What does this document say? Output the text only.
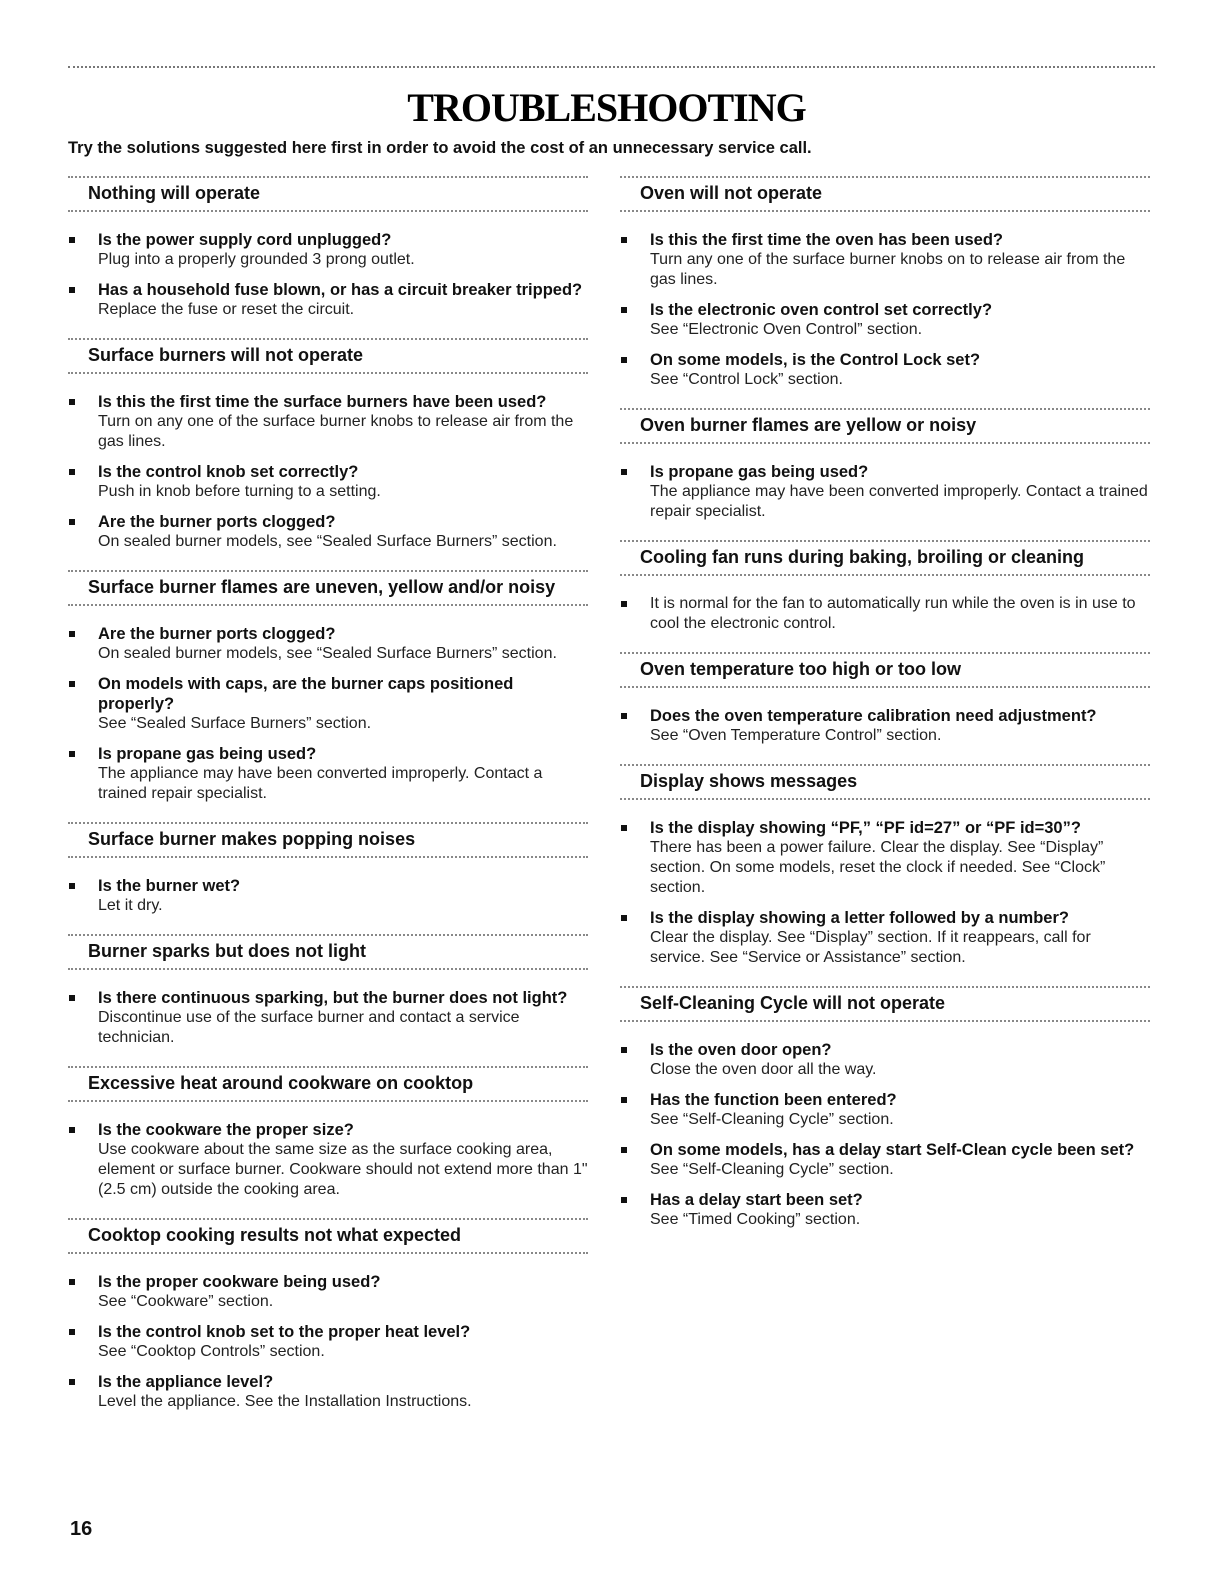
TROUBLESHOOTING
Try the solutions suggested here first in order to avoid the cost of an unnecessary service call.
Nothing will operate
Is the power supply cord unplugged?
Plug into a properly grounded 3 prong outlet.
Has a household fuse blown, or has a circuit breaker tripped?
Replace the fuse or reset the circuit.
Surface burners will not operate
Is this the first time the surface burners have been used?
Turn on any one of the surface burner knobs to release air from the gas lines.
Is the control knob set correctly?
Push in knob before turning to a setting.
Are the burner ports clogged?
On sealed burner models, see “Sealed Surface Burners” section.
Surface burner flames are uneven, yellow and/or noisy
Are the burner ports clogged?
On sealed burner models, see “Sealed Surface Burners” section.
On models with caps, are the burner caps positioned properly?
See “Sealed Surface Burners” section.
Is propane gas being used?
The appliance may have been converted improperly. Contact a trained repair specialist.
Surface burner makes popping noises
Is the burner wet?
Let it dry.
Burner sparks but does not light
Is there continuous sparking, but the burner does not light?
Discontinue use of the surface burner and contact a service technician.
Excessive heat around cookware on cooktop
Is the cookware the proper size?
Use cookware about the same size as the surface cooking area, element or surface burner. Cookware should not extend more than 1" (2.5 cm) outside the cooking area.
Cooktop cooking results not what expected
Is the proper cookware being used?
See “Cookware” section.
Is the control knob set to the proper heat level?
See “Cooktop Controls” section.
Is the appliance level?
Level the appliance. See the Installation Instructions.
Oven will not operate
Is this the first time the oven has been used?
Turn any one of the surface burner knobs on to release air from the gas lines.
Is the electronic oven control set correctly?
See “Electronic Oven Control” section.
On some models, is the Control Lock set?
See “Control Lock” section.
Oven burner flames are yellow or noisy
Is propane gas being used?
The appliance may have been converted improperly. Contact a trained repair specialist.
Cooling fan runs during baking, broiling or cleaning
It is normal for the fan to automatically run while the oven is in use to cool the electronic control.
Oven temperature too high or too low
Does the oven temperature calibration need adjustment?
See “Oven Temperature Control” section.
Display shows messages
Is the display showing “PF,” “PF id=27” or “PF id=30”?
There has been a power failure. Clear the display. See “Display” section. On some models, reset the clock if needed. See “Clock” section.
Is the display showing a letter followed by a number?
Clear the display. See “Display” section. If it reappears, call for service. See “Service or Assistance” section.
Self-Cleaning Cycle will not operate
Is the oven door open?
Close the oven door all the way.
Has the function been entered?
See “Self-Cleaning Cycle” section.
On some models, has a delay start Self-Clean cycle been set?
See “Self-Cleaning Cycle” section.
Has a delay start been set?
See “Timed Cooking” section.
16
